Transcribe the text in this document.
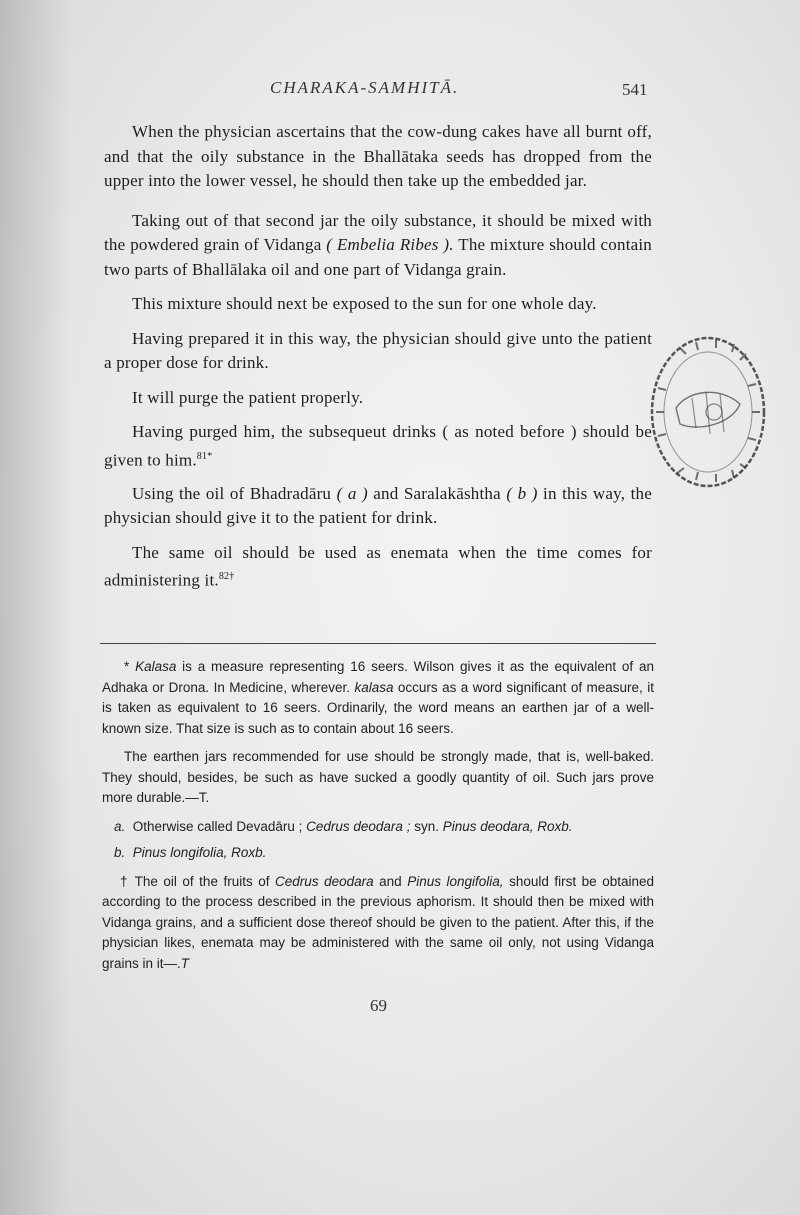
CHARAKA-SAMHITĀ.	541

When the physician ascertains that the cow-dung cakes have all burnt off, and that the oily substance in the Bhallātaka seeds has dropped from the upper into the lower vessel, he should then take up the embedded jar.

Taking out of that second jar the oily substance, it should be mixed with the powdered grain of Vidanga ( Embelia Ribes ). The mixture should contain two parts of Bhallālaka oil and one part of Vidanga grain.

This mixture should next be exposed to the sun for one whole day.

Having prepared it in this way, the physician should give unto the patient a proper dose for drink.

It will purge the patient properly.

Having purged him, the subsequeut drinks ( as noted before ) should be given to him.$^{81*}$

Using the oil of Bhadradāru ( a ) and Saralakāshtha ( b ) in this way, the physician should give it to the patient for drink.

The same oil should be used as enemata when the time comes for administering it.$^{82\dagger}$

* Kalasa is a measure representing 16 seers. Wilson gives it as the equivalent of an Adhaka or Drona. In Medicine, wherever. kalasa occurs as a word significant of measure, it is taken as equivalent to 16 seers. Ordinarily, the word means an earthen jar of a well-known size. That size is such as to contain about 16 seers.

The earthen jars recommended for use should be strongly made, that is, well-baked. They should, besides, be such as have sucked a goodly quantity of oil. Such jars prove more durable.—T.

a. Otherwise called Devadāru ; Cedrus deodara ; syn. Pinus deodara, Roxb.

b. Pinus longifolia, Roxb.

† The oil of the fruits of Cedrus deodara and Pinus longifolia, should first be obtained according to the process described in the previous aphorism. It should then be mixed with Vidanga grains, and a sufficient dose thereof should be given to the patient. After this, if the physician likes, enemata may be administered with the same oil only, not using Vidanga grains in it—.T

69
